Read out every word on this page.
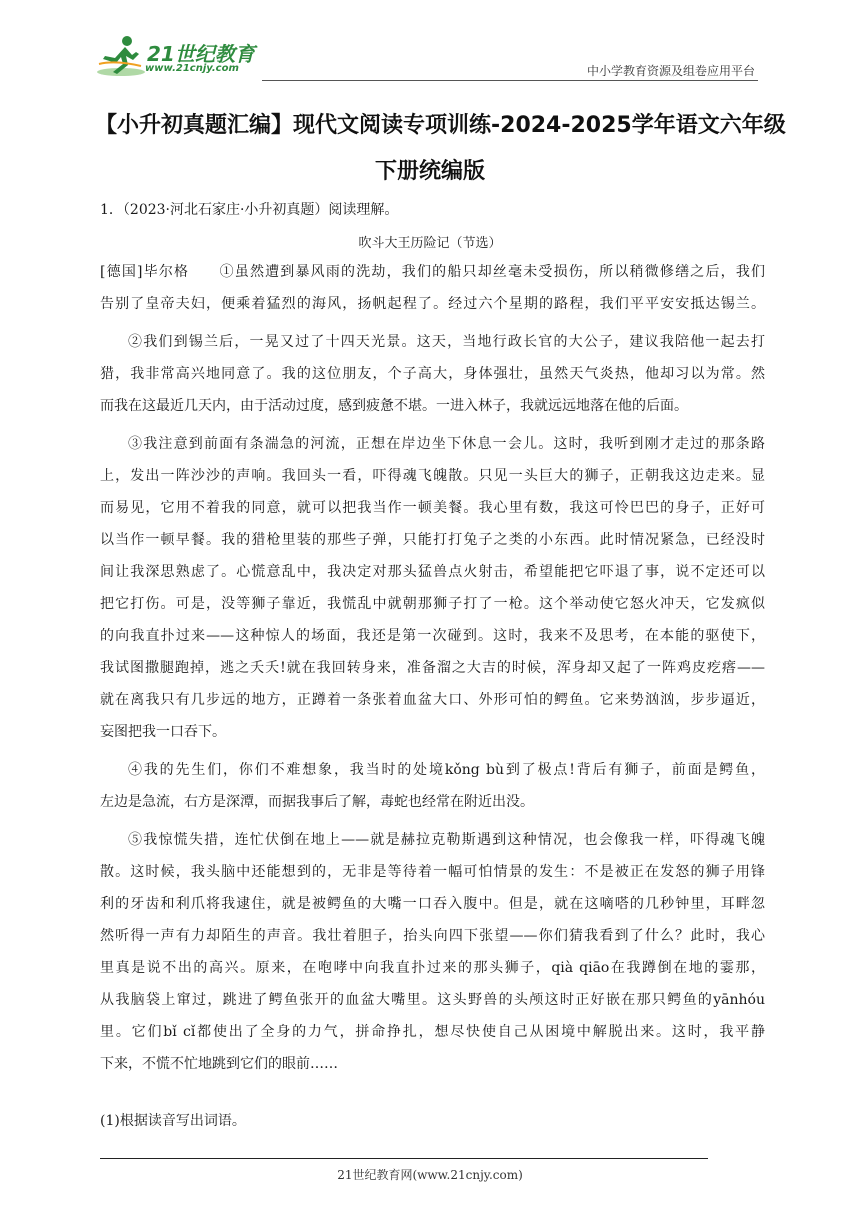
21世纪教育
www.21cnjy.com	中小学教育资源及组卷应用平台
【小升初真题汇编】现代文阅读专项训练-2024-2025学年语文六年级
下册统编版
1．（2023·河北石家庄·小升初真题）阅读理解。
吹斗大王历险记（节选）
[德国]毕尔格　　①虽然遭到暴风雨的洗劫，我们的船只却丝毫未受损伤，所以稍微修缮之后，我们
告别了皇帝夫妇，便乘着猛烈的海风，扬帆起程了。经过六个星期的路程，我们平平安安抵达锡兰。
②我们到锡兰后，一晃又过了十四天光景。这天，当地行政长官的大公子，建议我陪他一起去打
猎，我非常高兴地同意了。我的这位朋友，个子高大，身体强壮，虽然天气炎热，他却习以为常。然
而我在这最近几天内，由于活动过度，感到疲惫不堪。一进入林子，我就远远地落在他的后面。
③我注意到前面有条湍急的河流，正想在岸边坐下休息一会儿。这时，我听到刚才走过的那条路
上，发出一阵沙沙的声响。我回头一看，吓得魂飞魄散。只见一头巨大的狮子，正朝我这边走来。显
而易见，它用不着我的同意，就可以把我当作一顿美餐。我心里有数，我这可怜巴巴的身子，正好可
以当作一顿早餐。我的猎枪里装的那些子弹，只能打打兔子之类的小东西。此时情况紧急，已经没时
间让我深思熟虑了。心慌意乱中，我决定对那头猛兽点火射击，希望能把它吓退了事，说不定还可以
把它打伤。可是，没等狮子靠近，我慌乱中就朝那狮子打了一枪。这个举动使它怒火冲天，它发疯似
的向我直扑过来——这种惊人的场面，我还是第一次碰到。这时，我来不及思考，在本能的驱使下，
我试图撒腿跑掉，逃之夭夭!就在我回转身来，准备溜之大吉的时候，浑身却又起了一阵鸡皮疙瘩——
就在离我只有几步远的地方，正蹲着一条张着血盆大口、外形可怕的鳄鱼。它来势汹汹，步步逼近，
妄图把我一口吞下。
④我的先生们，你们不难想象，我当时的处境kǒng bù到了极点!背后有狮子，前面是鳄鱼，
左边是急流，右方是深潭，而据我事后了解，毒蛇也经常在附近出没。
⑤我惊慌失措，连忙伏倒在地上——就是赫拉克勒斯遇到这种情况，也会像我一样，吓得魂飞魄
散。这时候，我头脑中还能想到的，无非是等待着一幅可怕情景的发生：不是被正在发怒的狮子用锋
利的牙齿和利爪将我逮住，就是被鳄鱼的大嘴一口吞入腹中。但是，就在这嘀嗒的几秒钟里，耳畔忽
然听得一声有力却陌生的声音。我壮着胆子，抬头向四下张望——你们猜我看到了什么？此时，我心
里真是说不出的高兴。原来，在咆哮中向我直扑过来的那头狮子，qià qiāo在我蹲倒在地的霎那，
从我脑袋上窜过，跳进了鳄鱼张开的血盆大嘴里。这头野兽的头颅这时正好嵌在那只鳄鱼的yānhóu
里。它们bǐ cǐ都使出了全身的力气，拼命挣扎，想尽快使自己从困境中解脱出来。这时，我平静
下来，不慌不忙地跳到它们的眼前……
(1)根据读音写出词语。
21世纪教育网(www.21cnjy.com)
